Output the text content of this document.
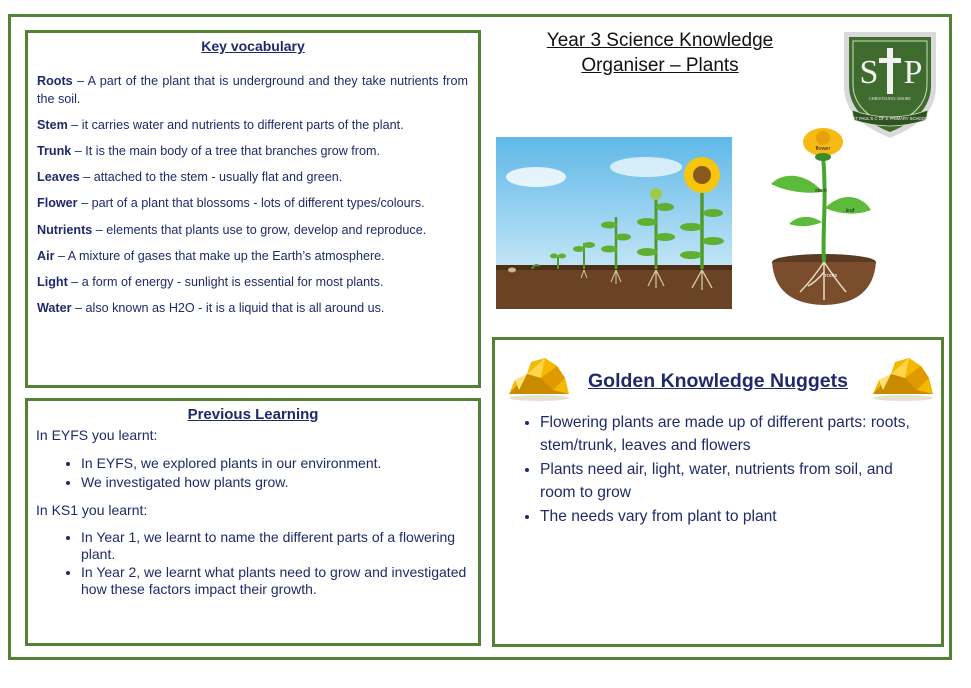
Key vocabulary

Roots – A part of the plant that is underground and they take nutrients from the soil.

Stem – it carries water and nutrients to different parts of the plant.

Trunk – It is the main body of a tree that branches grow from.

Leaves – attached to the stem - usually flat and green.

Flower – part of a plant that blossoms - lots of different types/colours.

Nutrients – elements that plants use to grow, develop and reproduce.

Air – A mixture of gases that make up the Earth’s atmosphere.

Light – a form of energy - sunlight is essential for most plants.

Water – also known as H2O - it is a liquid that is all around us.

Previous Learning
In EYFS you learnt:
• In EYFS, we explored plants in our environment.
• We investigated how plants grow.
In KS1 you learnt:
• In Year 1, we learnt to name the different parts of a flowering plant.
• In Year 2, we learnt what plants need to grow and investigated how these factors impact their growth.
Year 3 Science Knowledge
Organiser – Plants	S P
CHRISTIANUS AMORE
ST PAUL'S C OF E PRIMARY SCHOOL
flower
stem
leaf
roots
Golden Knowledge Nuggets
• Flowering plants are made up of different parts: roots, stem/trunk, leaves and flowers
• Plants need air, light, water, nutrients from soil, and room to grow
• The needs vary from plant to plant
